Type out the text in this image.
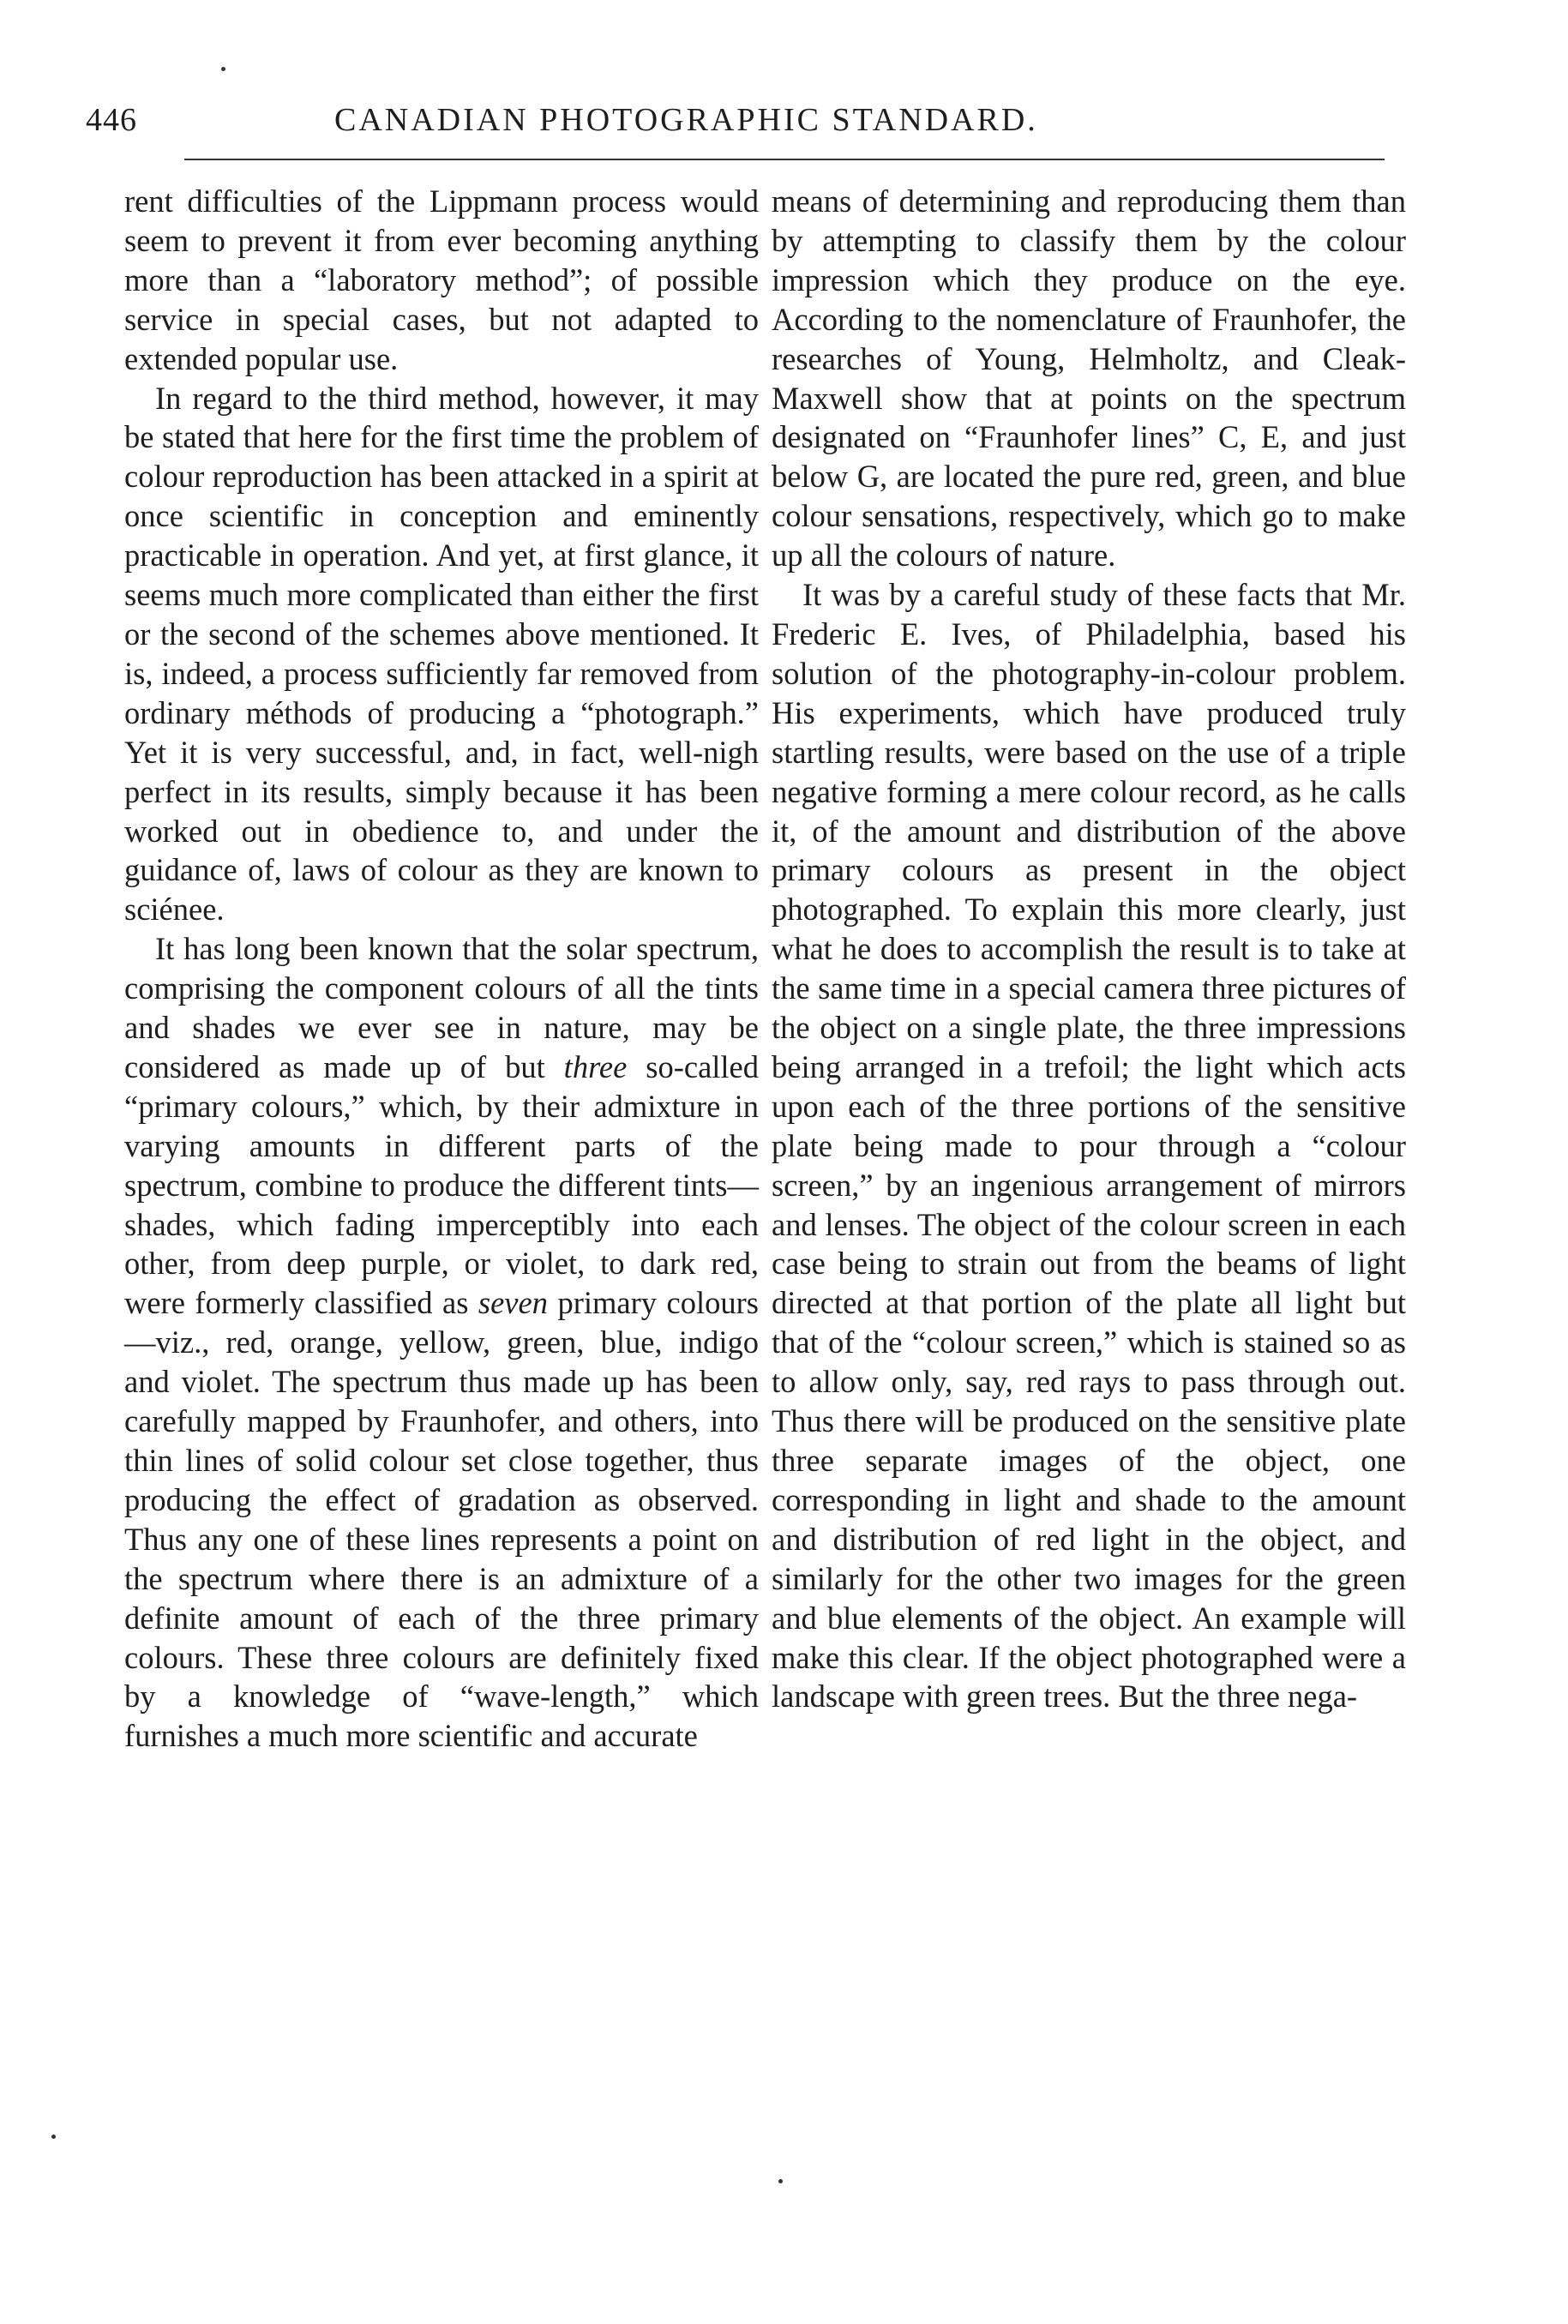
446	CANADIAN PHOTOGRAPHIC STANDARD.

rent difficulties of the Lippmann process would seem to prevent it from ever becoming anything more than a “laboratory method”; of possible service in special cases, but not adapted to extended popular use.

In regard to the third method, however, it may be stated that here for the first time the problem of colour reproduction has been attacked in a spirit at once scientific in conception and eminently practicable in operation. And yet, at first glance, it seems much more complicated than either the first or the second of the schemes above mentioned. It is, indeed, a process sufficiently far removed from ordinary méthods of producing a “photograph.” Yet it is very successful, and, in fact, well-nigh perfect in its results, simply because it has been worked out in obedience to, and under the guidance of, laws of colour as they are known to sciénee.

It has long been known that the solar spectrum, comprising the component colours of all the tints and shades we ever see in nature, may be considered as made up of but three so-called “primary colours,” which, by their admixture in varying amounts in different parts of the spectrum, combine to produce the different tints—shades, which fading imperceptibly into each other, from deep purple, or violet, to dark red, were formerly classified as seven primary colours—viz., red, orange, yellow, green, blue, indigo and violet. The spectrum thus made up has been carefully mapped by Fraunhofer, and others, into thin lines of solid colour set close together, thus producing the effect of gradation as observed. Thus any one of these lines represents a point on the spectrum where there is an admixture of a definite amount of each of the three primary colours. These three colours are definitely fixed by a knowledge of “wave-length,” which furnishes a much more scientific and accurate

means of determining and reproducing them than by attempting to classify them by the colour impression which they produce on the eye. According to the nomenclature of Fraunhofer, the researches of Young, Helmholtz, and Cleak-Maxwell show that at points on the spectrum designated on “Fraunhofer lines” C, E, and just below G, are located the pure red, green, and blue colour sensations, respectively, which go to make up all the colours of nature.

It was by a careful study of these facts that Mr. Frederic E. Ives, of Philadelphia, based his solution of the photography-in-colour problem. His experiments, which have produced truly startling results, were based on the use of a triple negative forming a mere colour record, as he calls it, of the amount and distribution of the above primary colours as present in the object photographed. To explain this more clearly, just what he does to accomplish the result is to take at the same time in a special camera three pictures of the object on a single plate, the three impressions being arranged in a trefoil; the light which acts upon each of the three portions of the sensitive plate being made to pour through a “colour screen,” by an ingenious arrangement of mirrors and lenses. The object of the colour screen in each case being to strain out from the beams of light directed at that portion of the plate all light but that of the “colour screen,” which is stained so as to allow only, say, red rays to pass through out. Thus there will be produced on the sensitive plate three separate images of the object, one corresponding in light and shade to the amount and distribution of red light in the object, and similarly for the other two images for the green and blue elements of the object. An example will make this clear. If the object photographed were a landscape with green trees. But the three nega-
